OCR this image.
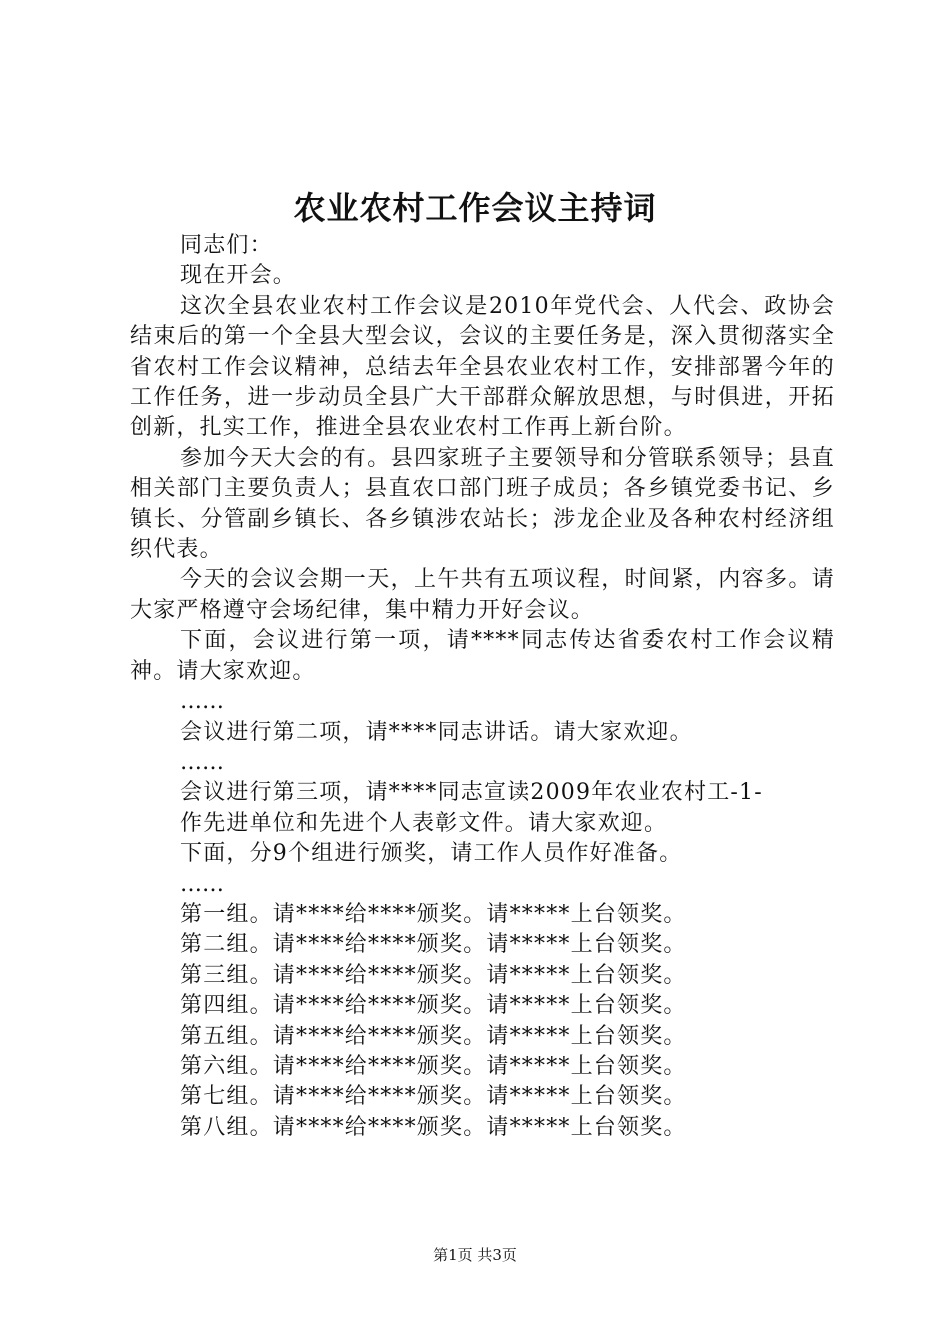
农业农村工作会议主持词

同志们：

现在开会。

这次全县农业农村工作会议是2010年党代会、人代会、政协会结束后的第一个全县大型会议，会议的主要任务是，深入贯彻落实全省农村工作会议精神，总结去年全县农业农村工作，安排部署今年的工作任务，进一步动员全县广大干部群众解放思想，与时俱进，开拓创新，扎实工作，推进全县农业农村工作再上新台阶。

参加今天大会的有。县四家班子主要领导和分管联系领导；县直相关部门主要负责人；县直农口部门班子成员；各乡镇党委书记、乡镇长、分管副乡镇长、各乡镇涉农站长；涉龙企业及各种农村经济组织代表。

今天的会议会期一天，上午共有五项议程，时间紧，内容多。请大家严格遵守会场纪律，集中精力开好会议。

下面，会议进行第一项，请****同志传达省委农村工作会议精神。请大家欢迎。

……

会议进行第二项，请****同志讲话。请大家欢迎。

……

会议进行第三项，请****同志宣读2009年农业农村工-1-

作先进单位和先进个人表彰文件。请大家欢迎。

下面，分9个组进行颁奖，请工作人员作好准备。

……

第一组。请****给****颁奖。请*****上台领奖。

第二组。请****给****颁奖。请*****上台领奖。

第三组。请****给****颁奖。请*****上台领奖。

第四组。请****给****颁奖。请*****上台领奖。

第五组。请****给****颁奖。请*****上台领奖。

第六组。请****给****颁奖。请*****上台领奖。

第七组。请****给****颁奖。请*****上台领奖。

第八组。请****给****颁奖。请*****上台领奖。

第1页 共3页
